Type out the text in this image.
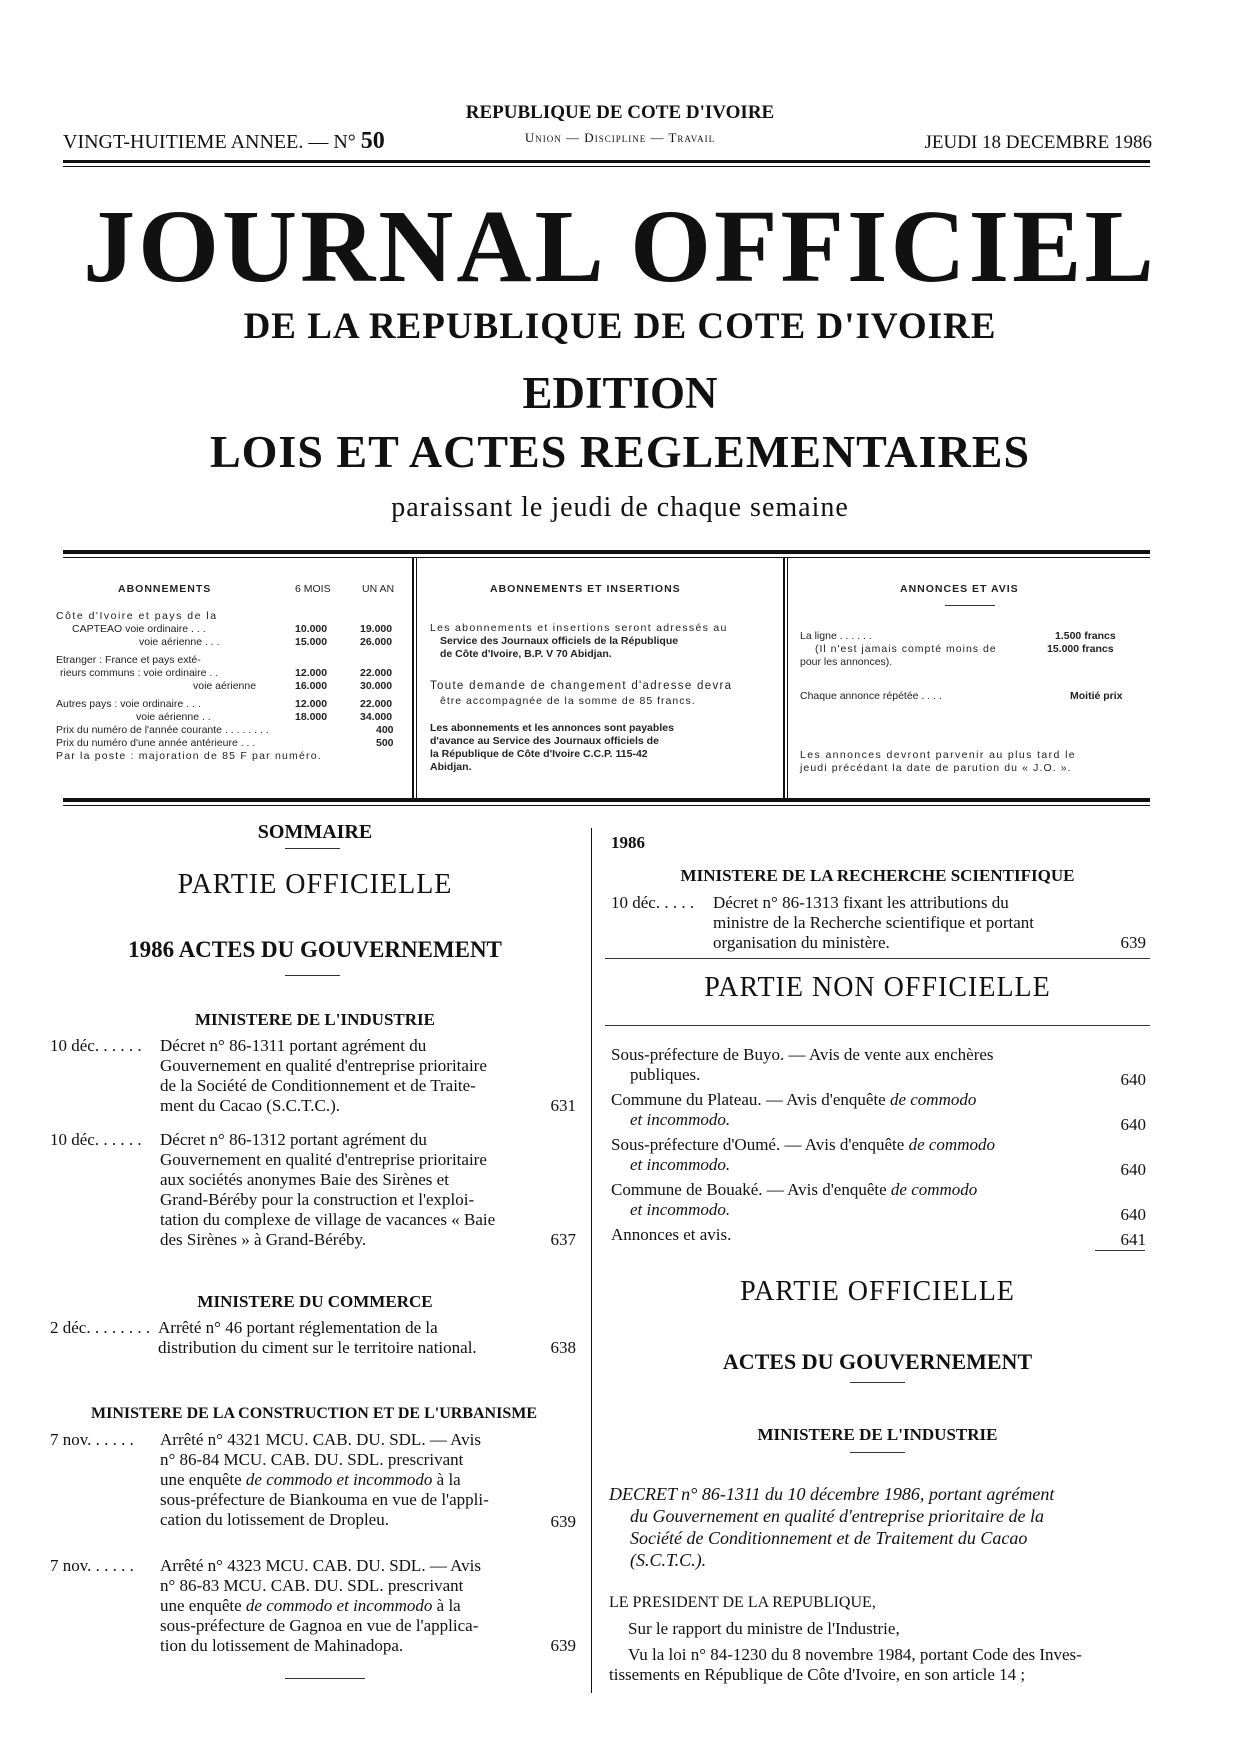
VINGT-HUITIEME ANNEE. — N° 50
REPUBLIQUE DE COTE D'IVOIRE
Union — Discipline — Travail	JEUDI 18 DECEMBRE 1986
JOURNAL OFFICIEL
DE LA REPUBLIQUE DE COTE D'IVOIRE
EDITION
LOIS ET ACTES REGLEMENTAIRES
paraissant le jeudi de chaque semaine
ABONNEMENTS	6 MOIS	UN AN
Côte d'Ivoire et pays de la
CAPTEAO voie ordinaire . . .	10.000	19.000
voie aérienne . . .	15.000	26.000
Etranger : France et pays exté-
rieurs communs : voie ordinaire . .	12.000	22.000
voie aérienne	16.000	30.000
Autres pays : voie ordinaire . . .	12.000	22.000
voie aérienne . .	18.000	34.000
Prix du numéro de l'année courante . . . . . . . .	400
Prix du numéro d'une année antérieure . . .	500
Par la poste : majoration de 85 F par numéro.
ABONNEMENTS ET INSERTIONS
Les abonnements et insertions seront adressés au
Service des Journaux officiels de la République
de Côte d'Ivoire, B.P. V 70 Abidjan.
Toute demande de changement d'adresse devra
être accompagnée de la somme de 85 francs.
Les abonnements et les annonces sont payables
d'avance au Service des Journaux officiels de
la République de Côte d'Ivoire C.C.P. 115-42
Abidjan.
ANNONCES ET AVIS
La ligne . . . . . .	1.500 francs
(Il n'est jamais compté moins de	15.000 francs
pour les annonces).
Chaque annonce répétée . . . .	Moitié prix
Les annonces devront parvenir au plus tard le
jeudi précédant la date de parution du « J.O. ».
SOMMAIRE
PARTIE OFFICIELLE
1986 ACTES DU GOUVERNEMENT
MINISTERE DE L'INDUSTRIE
10 déc. . . . . . Décret n° 86-1311 portant agrément du
Gouvernement en qualité d'entreprise prioritaire
de la Société de Conditionnement et de Traite-
ment du Cacao (S.C.T.C.).	631
10 déc. . . . . . Décret n° 86-1312 portant agrément du
Gouvernement en qualité d'entreprise prioritaire
aux sociétés anonymes Baie des Sirènes et
Grand-Béréby pour la construction et l'exploi-
tation du complexe de village de vacances « Baie
des Sirènes » à Grand-Béréby.	637
MINISTERE DU COMMERCE
2 déc. . . . . . . . Arrêté n° 46 portant réglementation de la
distribution du ciment sur le territoire national.	638
MINISTERE DE LA CONSTRUCTION ET DE L'URBANISME
7 nov. . . . . . Arrêté n° 4321 MCU. CAB. DU. SDL. — Avis
n° 86-84 MCU. CAB. DU. SDL. prescrivant
une enquête de commodo et incommodo à la
sous-préfecture de Biankouma en vue de l'appli-
cation du lotissement de Dropleu.	639
7 nov. . . . . . Arrêté n° 4323 MCU. CAB. DU. SDL. — Avis
n° 86-83 MCU. CAB. DU. SDL. prescrivant
une enquête de commodo et incommodo à la
sous-préfecture de Gagnoa en vue de l'applica-
tion du lotissement de Mahinadopa.	639
1986
MINISTERE DE LA RECHERCHE SCIENTIFIQUE
10 déc. . . . . Décret n° 86-1313 fixant les attributions du
ministre de la Recherche scientifique et portant
organisation du ministère.	639
PARTIE NON OFFICIELLE
Sous-préfecture de Buyo. — Avis de vente aux enchères
publiques.	640
Commune du Plateau. — Avis d'enquête de commodo
et incommodo.	640
Sous-préfecture d'Oumé. — Avis d'enquête de commodo
et incommodo.	640
Commune de Bouaké. — Avis d'enquête de commodo
et incommodo.	640
Annonces et avis.	641
PARTIE OFFICIELLE
ACTES DU GOUVERNEMENT
MINISTERE DE L'INDUSTRIE
DECRET n° 86-1311 du 10 décembre 1986, portant agrément
du Gouvernement en qualité d'entreprise prioritaire de la
Société de Conditionnement et de Traitement du Cacao
(S.C.T.C.).
LE PRESIDENT DE LA REPUBLIQUE,
Sur le rapport du ministre de l'Industrie,
Vu la loi n° 84-1230 du 8 novembre 1984, portant Code des Inves-
tissements en République de Côte d'Ivoire, en son article 14 ;
